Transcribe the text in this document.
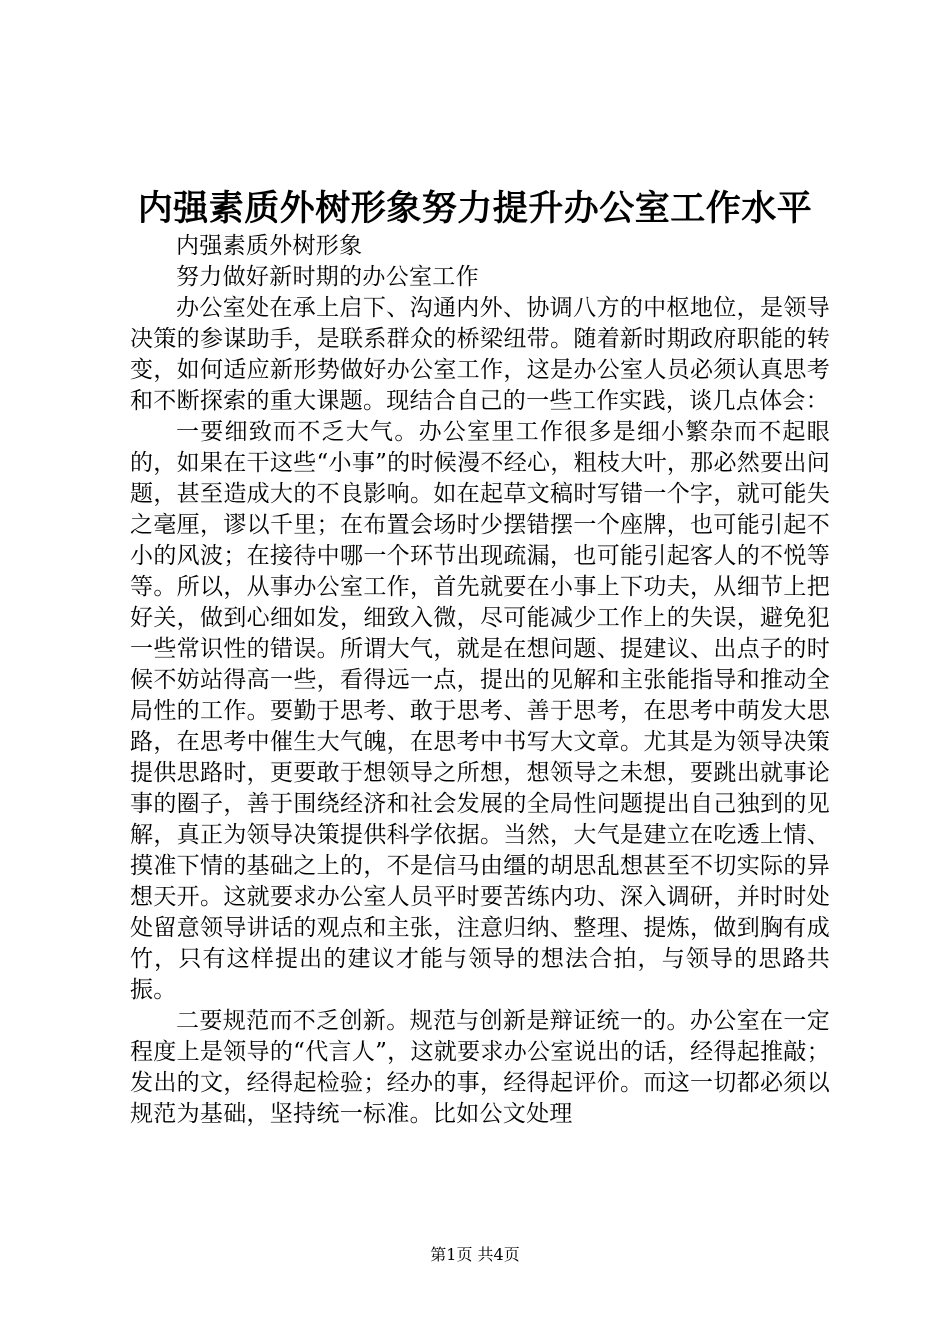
内强素质外树形象努力提升办公室工作水平

内强素质外树形象

努力做好新时期的办公室工作

办公室处在承上启下、沟通内外、协调八方的中枢地位，是领导决策的参谋助手，是联系群众的桥梁纽带。随着新时期政府职能的转变，如何适应新形势做好办公室工作，这是办公室人员必须认真思考和不断探索的重大课题。现结合自己的一些工作实践，谈几点体会：

一要细致而不乏大气。办公室里工作很多是细小繁杂而不起眼的，如果在干这些“小事”的时候漫不经心，粗枝大叶，那必然要出问题，甚至造成大的不良影响。如在起草文稿时写错一个字，就可能失之毫厘，谬以千里；在布置会场时少摆错摆一个座牌，也可能引起不小的风波；在接待中哪一个环节出现疏漏，也可能引起客人的不悦等等。所以，从事办公室工作，首先就要在小事上下功夫，从细节上把好关，做到心细如发，细致入微，尽可能减少工作上的失误，避免犯一些常识性的错误。所谓大气，就是在想问题、提建议、出点子的时候不妨站得高一些，看得远一点，提出的见解和主张能指导和推动全局性的工作。要勤于思考、敢于思考、善于思考，在思考中萌发大思路，在思考中催生大气魄，在思考中书写大文章。尤其是为领导决策提供思路时，更要敢于想领导之所想，想领导之未想，要跳出就事论事的圈子，善于围绕经济和社会发展的全局性问题提出自己独到的见解，真正为领导决策提供科学依据。当然，大气是建立在吃透上情、摸准下情的基础之上的，不是信马由缰的胡思乱想甚至不切实际的异想天开。这就要求办公室人员平时要苦练内功、深入调研，并时时处处留意领导讲话的观点和主张，注意归纳、整理、提炼，做到胸有成竹，只有这样提出的建议才能与领导的想法合拍，与领导的思路共振。

二要规范而不乏创新。规范与创新是辩证统一的。办公室在一定程度上是领导的“代言人”，这就要求办公室说出的话，经得起推敲；发出的文，经得起检验；经办的事，经得起评价。而这一切都必须以规范为基础，坚持统一标准。比如公文处理

第1页 共4页
